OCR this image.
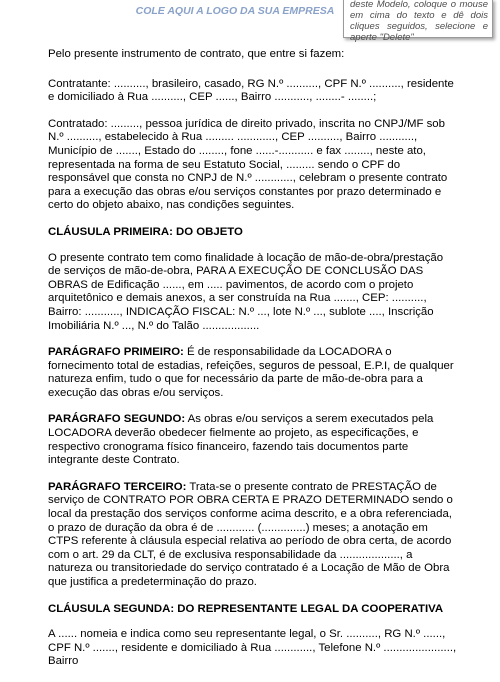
COLE AQUI A LOGO DA SUA EMPRESA
deste Modelo, coloque o mouse em cima do texto e dê dois cliques seguidos, selecione e aperte "Delete"

Pelo presente instrumento de contrato, que entre si fazem:

Contratante: .........., brasileiro, casado, RG N.º .........., CPF N.º .........., residente e domiciliado à Rua .........., CEP ......, Bairro ..........., ........- ........;

Contratado: ........., pessoa jurídica de direito privado, inscrita no CNPJ/MF sob N.º .........., estabelecido à Rua ......... ............, CEP .........., Bairro ..........., Município de ......., Estado do ........, fone ......-........... e fax ........, neste ato, representada na forma de seu Estatuto Social, ......... sendo o CPF do responsável que consta no CNPJ de N.º ............, celebram o presente contrato para a execução das obras e/ou serviços constantes por prazo determinado e certo do objeto abaixo, nas condições seguintes.

CLÁUSULA PRIMEIRA: DO OBJETO

O presente contrato tem como finalidade à locação de mão-de-obra/prestação de serviços de mão-de-obra, PARA A EXECUÇÃO DE CONCLUSÃO DAS OBRAS de Edificação ......, em ..... pavimentos, de acordo com o projeto arquitetônico e demais anexos, a ser construída na Rua ......., CEP: .........., Bairro: ..........., INDICAÇÃO FISCAL: N.º ..., lote N.º ..., sublote ...., Inscrição Imobiliária N.º ..., N.º do Talão ..................

PARÁGRAFO PRIMEIRO: É de responsabilidade da LOCADORA o fornecimento total de estadias, refeições, seguros de pessoal, E.P.I, de qualquer natureza enfim, tudo o que for necessário da parte de mão-de-obra para a execução das obras e/ou serviços.

PARÁGRAFO SEGUNDO: As obras e/ou serviços a serem executados pela LOCADORA deverão obedecer fielmente ao projeto, as especificações, e respectivo cronograma físico financeiro, fazendo tais documentos parte integrante deste Contrato.

PARÁGRAFO TERCEIRO: Trata-se o presente contrato de PRESTAÇÃO de serviço de CONTRATO POR OBRA CERTA E PRAZO DETERMINADO sendo o local da prestação dos serviços conforme acima descrito, e a obra referenciada, o prazo de duração da obra é de ............ (..............) meses; a anotação em CTPS referente à cláusula especial relativa ao período de obra certa, de acordo com o art. 29 da CLT, é de exclusiva responsabilidade da ..................., a natureza ou transitoriedade do serviço contratado é a Locação de Mão de Obra que justifica a predeterminação do prazo.

CLÁUSULA SEGUNDA: DO REPRESENTANTE LEGAL DA COOPERATIVA

A ...... nomeia e indica como seu representante legal, o Sr. .........., RG N.º ......, CPF N.º ......., residente e domiciliado à Rua ............, Telefone N.º ......................, Bairro
